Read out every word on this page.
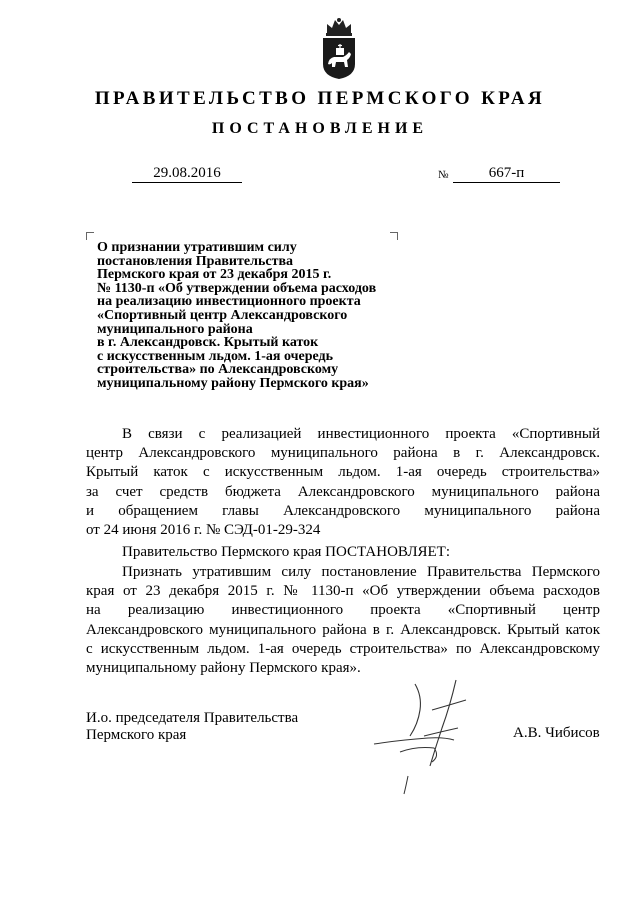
ПРАВИТЕЛЬСТВО ПЕРМСКОГО КРАЯ
ПОСТАНОВЛЕНИЕ
29.08.2016	№	667-п
О признании утратившим силу
постановления Правительства
Пермского края от 23 декабря 2015 г.
№ 1130-п «Об утверждении объема расходов
на реализацию инвестиционного проекта
«Спортивный центр Александровского
муниципального района
в г. Александровск. Крытый каток
с искусственным льдом. 1-ая очередь
строительства» по Александровскому
муниципальному району Пермского края»
В связи с реализацией инвестиционного проекта «Спортивный
центр Александровского муниципального района в г. Александровск.
Крытый каток с искусственным льдом. 1-ая очередь строительства»
за счет средств бюджета Александровского муниципального района
и обращением главы Александровского муниципального района
от 24 июня 2016 г. № СЭД-01-29-324
Правительство Пермского края ПОСТАНОВЛЯЕТ:
Признать утратившим силу постановление Правительства Пермского
края от 23 декабря 2015 г. № 1130-п «Об утверждении объема расходов
на реализацию инвестиционного проекта «Спортивный центр
Александровского муниципального района в г. Александровск. Крытый каток
с искусственным льдом. 1-ая очередь строительства» по Александровскому
муниципальному району Пермского края».
И.о. председателя Правительства
Пермского края	А.В. Чибисов
